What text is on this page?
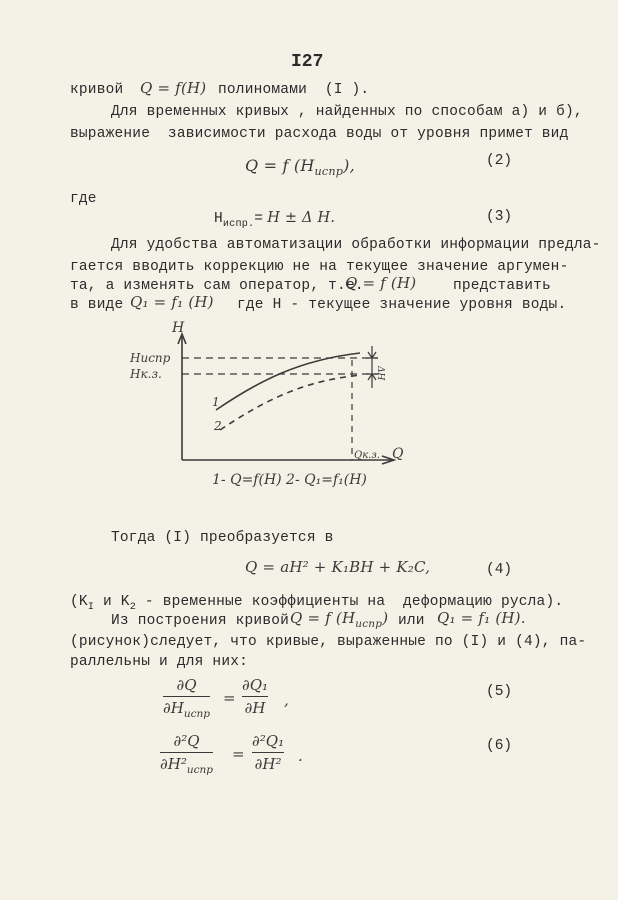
I27
кривой Q = f(H) полиномами  (I ).
Для временных кривых , найденных по способам а) и б),
выражение  зависимости расхода воды от уровня примет вид
Q = f $(H_{испр})$,	(2)
где
$H_{испр.}= H \pm \Delta$ H.	(3)
Для удобства автоматизации обработки информации предла-
гается вводить коррекцию не на текущее значение аргумен-
та, а изменять сам оператор, т.е.
Q = f (H)	представить
в виде Q₁ = f₁ (H) где Н - текущее значение уровня воды.
H
Q
Нuспр
Нк.з.
Qк.з.
ΔН
1
2
1- Q=f(H) 2- Q₁=f₁(H)
Тогда (I) преобразуется в
Q = aH² + K₁BH + K₂C,	(4)
($K_I$ и $K_2$ - временные коэффициенты на  деформацию русла).
Из построения кривой Q = f $(H_{испр})$ или Q₁ = f₁ (H).
(рисунок)следует, что кривые, выраженные по (I) и (4), па-
раллельны и для них:
∂Q
$\partial H_{испр}$
=
∂Q₁
∂H ,	(5)
∂²Q
$\partial H^2_{испр}$
=
∂²Q₁
∂H² .
(6)
